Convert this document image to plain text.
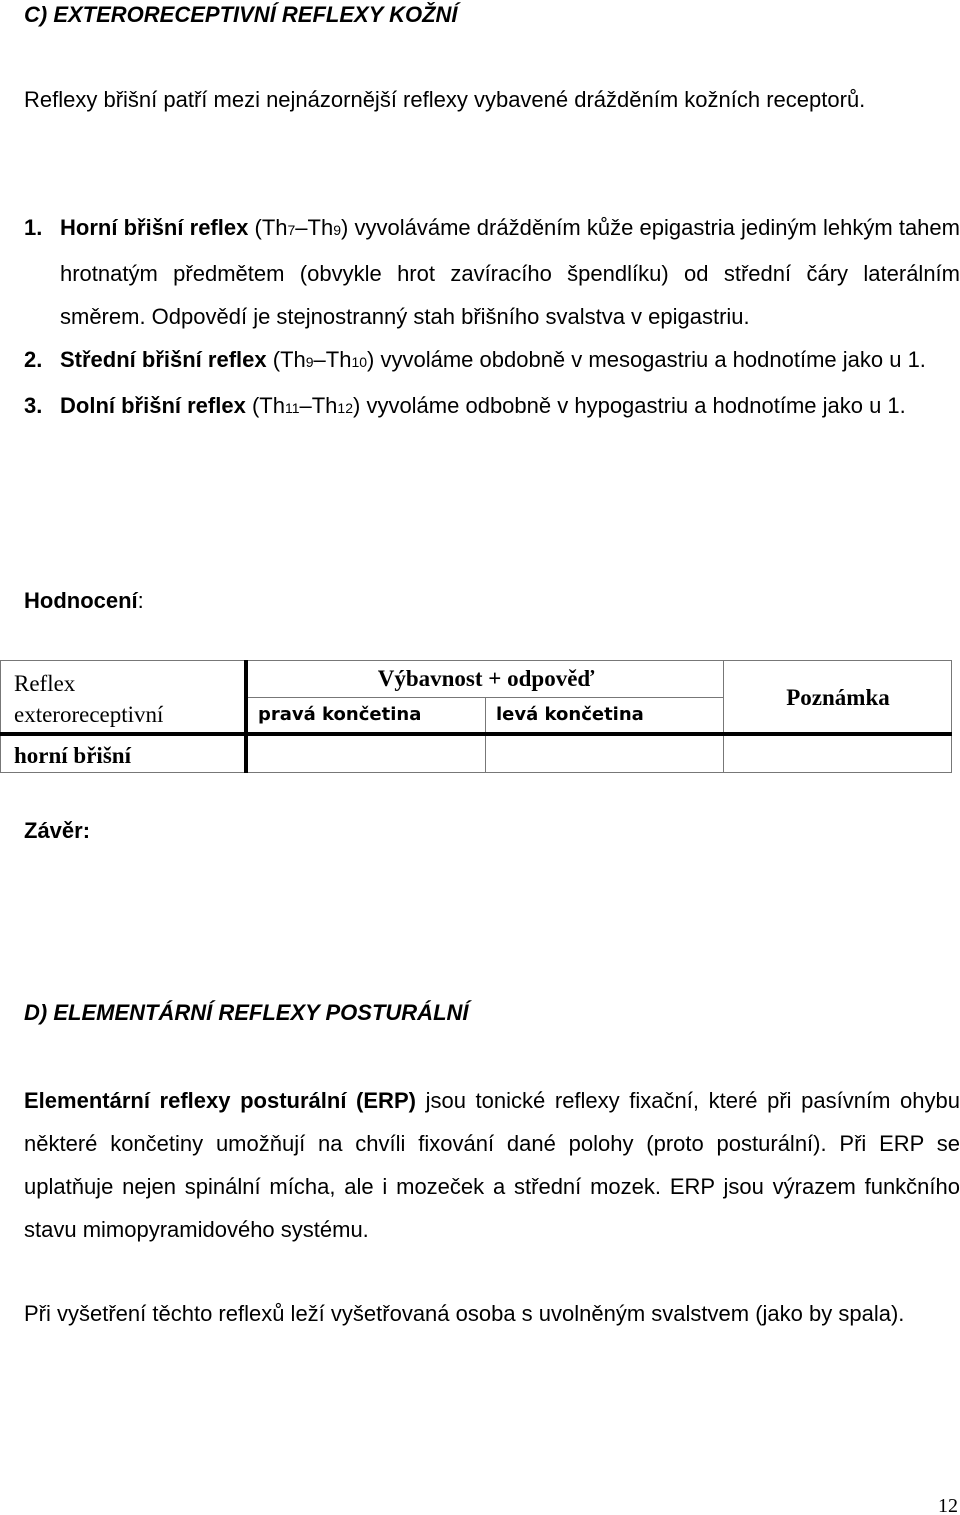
C) EXTERORECEPTIVNÍ REFLEXY KOŽNÍ
Reflexy břišní patří mezi nejnázornější reflexy vybavené drážděním kožních receptorů.
1. Horní břišní reflex (Th7–Th9) vyvoláváme drážděním kůže epigastria jediným lehkým tahem hrotnatým předmětem (obvykle hrot zavíracího špendlíku) od střední čáry laterálním směrem. Odpovědí je stejnostranný stah břišního svalstva v epigastriu.
2. Střední břišní reflex (Th9–Th10) vyvoláme obdobně v mesogastriu a hodnotíme jako u 1.
3. Dolní břišní reflex (Th11–Th12) vyvoláme odbobně v hypogastriu a hodnotíme jako u 1.
Hodnocení:
Reflex
exteroreceptivní
Výbavnost + odpověď
pravá končetina	levá končetina
Poznámka
horní břišní
Závěr:
D) ELEMENTÁRNÍ REFLEXY POSTURÁLNÍ
Elementární reflexy posturální (ERP) jsou tonické reflexy fixační, které při pasívním ohybu některé končetiny umožňují na chvíli fixování dané polohy (proto posturální). Při ERP se uplatňuje nejen spinální mícha, ale i mozeček a střední mozek. ERP jsou výrazem funkčního stavu mimopyramidového systému.
Při vyšetření těchto reflexů leží vyšetřovaná osoba s uvolněným svalstvem (jako by spala).
12
